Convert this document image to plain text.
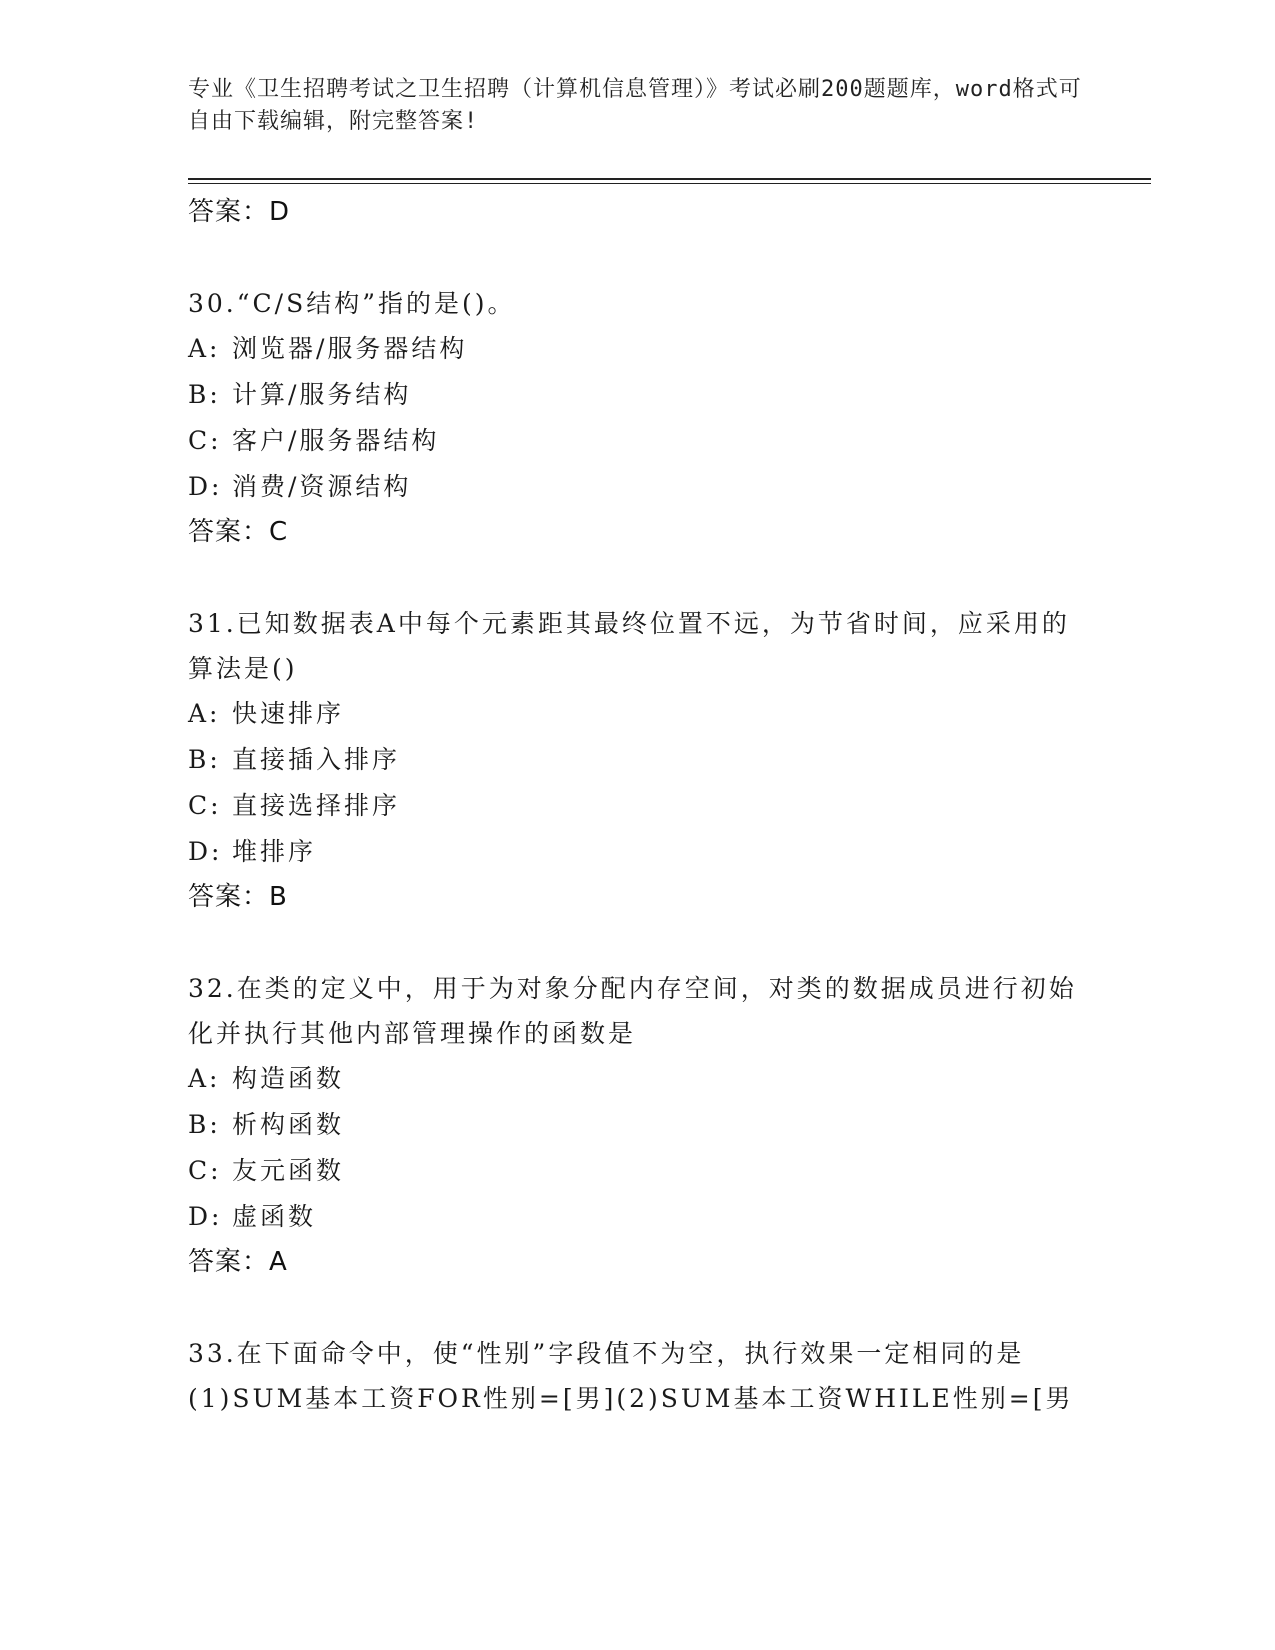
专业《卫生招聘考试之卫生招聘（计算机信息管理）》考试必刷200题题库，word格式可自由下载编辑，附完整答案!
答案：D
30.“C/S结构”指的是()。
A: 浏览器/服务器结构
B: 计算/服务结构
C: 客户/服务器结构
D: 消费/资源结构
答案：C
31.已知数据表A中每个元素距其最终位置不远，为节省时间，应采用的算法是()
A: 快速排序
B: 直接插入排序
C: 直接选择排序
D: 堆排序
答案：B
32.在类的定义中，用于为对象分配内存空间，对类的数据成员进行初始化并执行其他内部管理操作的函数是
A: 构造函数
B: 析构函数
C: 友元函数
D: 虚函数
答案：A
33.在下面命令中，使“性别”字段值不为空，执行效果一定相同的是(1)SUM基本工资FOR性别=[男](2)SUM基本工资WHILE性别=[男
